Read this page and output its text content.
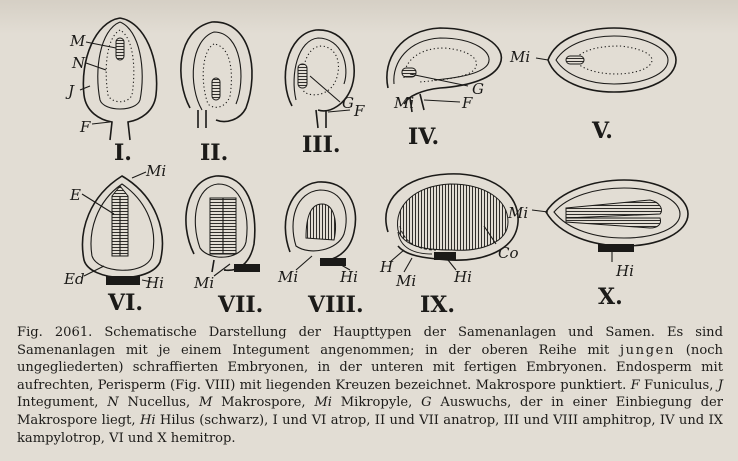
I.	II.	III.	IV.	V.
VI.	VII. VIII.	IX.	X.
M
N
J
F
G F
G
Mi	F
Mi
Mi
E
Ed	Hi Mi	Mi	Hi
H
Mi	Hi
Co
Mi
Hi

Fig. 2061. Schematische Darstellung der Haupttypen der Samenanlagen und Samen. Es sind Samenanlagen mit je einem Integument angenommen; in der oberen Reihe mit jungen (noch ungegliederten) schraffierten Embryonen, in der unteren mit fertigen Embryonen. Endosperm mit aufrechten, Perisperm (Fig. VIII) mit liegenden Kreuzen bezeichnet. Makrospore punktiert. F Funiculus, J Integument, N Nucellus, M Makrospore, Mi Mikropyle, G Auswuchs, der in einer Einbiegung der Makrospore liegt, Hi Hilus (schwarz), I und VI atrop, II und VII anatrop, III und VIII amphitrop, IV und IX kampylotrop, VI und X hemitrop.
